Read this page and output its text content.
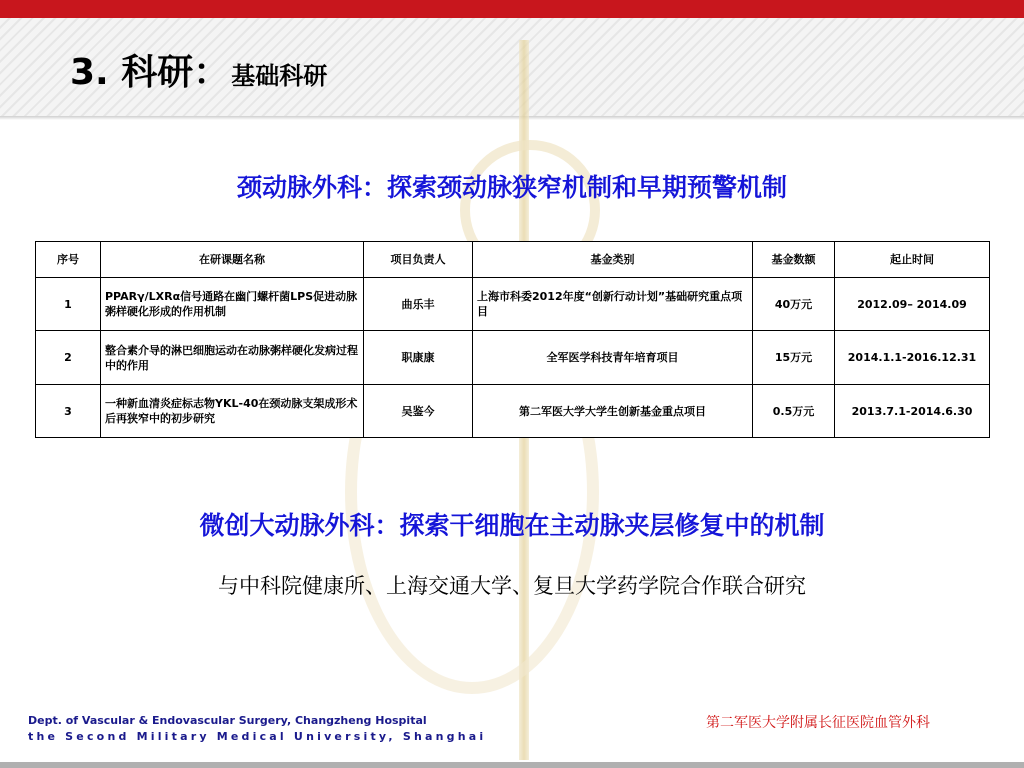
3. 科研：基础科研
颈动脉外科：探索颈动脉狭窄机制和早期预警机制
序号	在研课题名称	项目负责人	基金类别	基金数额	起止时间
1	PPARγ/LXRα信号通路在幽门螺杆菌LPS促进动脉粥样硬化形成的作用机制	曲乐丰	上海市科委2012年度“创新行动计划”基础研究重点项目	40万元	2012.09– 2014.09
2	整合素介导的淋巴细胞运动在动脉粥样硬化发病过程中的作用	职康康	全军医学科技青年培育项目	15万元	2014.1.1-2016.12.31
3	一种新血清炎症标志物YKL-40在颈动脉支架成形术后再狭窄中的初步研究	吴鉴今	第二军医大学大学生创新基金重点项目	0.5万元	2013.7.1-2014.6.30
微创大动脉外科：探索干细胞在主动脉夹层修复中的机制
与中科院健康所、上海交通大学、复旦大学药学院合作联合研究
Dept. of Vascular & Endovascular Surgery, Changzheng Hospital
the Second Military Medical University, Shanghai
第二军医大学附属长征医院血管外科
